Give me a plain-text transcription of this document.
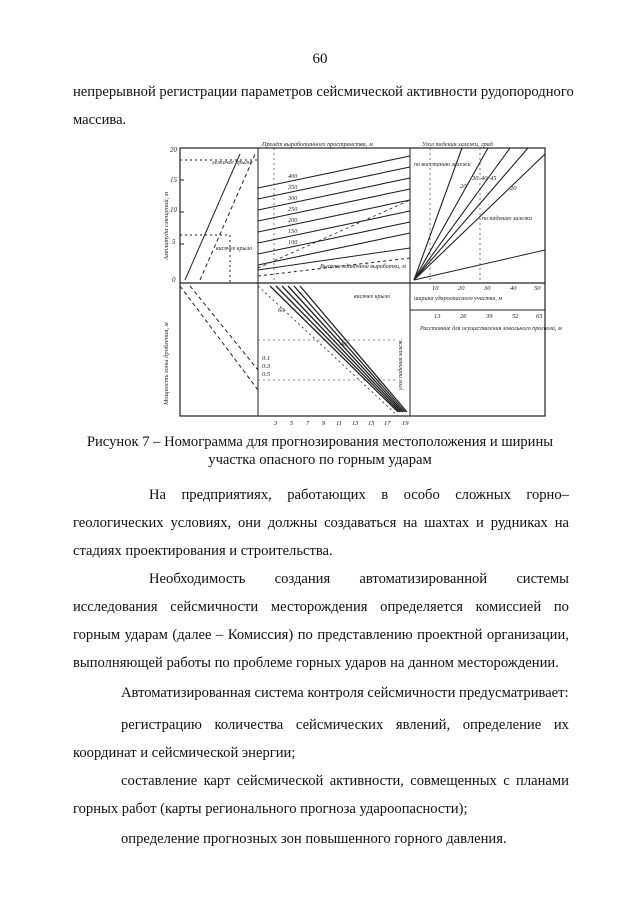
60
непрерывной регистрации параметров сейсмической активности рудопородного
массива.
20
15
10
5
0
Амплитуда смещений, м
Мощность зоны дробления, м	угол падения залеж.
Пролёт выработанного пространства, м	Угол падения залежи, град
лежачее крыло
висячее крыло
висячее крыло
по восстанию залежи
по падению залежи
Высота одиночной выработки, м
ширина удароопасного участка, м
Расстояние для осуществления локального прогноза, м
400
350
300
250
200
150
100
20
30 40 45
20
10	20	30	40	50
13	26	39	52	65
3 5 7 9 11 13 15 17 19
60
40
0.1
0.3
0.5
Рисунок 7 – Номограмма для прогнозирования местоположения и ширины
участка опасного по горным ударам
На предприятиях, работающих в особо сложных горно–
геологических условиях, они должны создаваться на шахтах и рудниках на
стадиях проектирования и строительства.
Необходимость создания автоматизированной системы
исследования сейсмичности месторождения определяется комиссией по
горным ударам (далее – Комиссия) по представлению проектной организации,
выполняющей работы по проблеме горных ударов на данном месторождении.
Автоматизированная система контроля сейсмичности предусматривает:
регистрацию количества сейсмических явлений, определение их
координат и сейсмической энергии;
составление карт сейсмической активности, совмещенных с планами
горных работ (карты регионального прогноза удароопасности);
определение прогнозных зон повышенного горного давления.
